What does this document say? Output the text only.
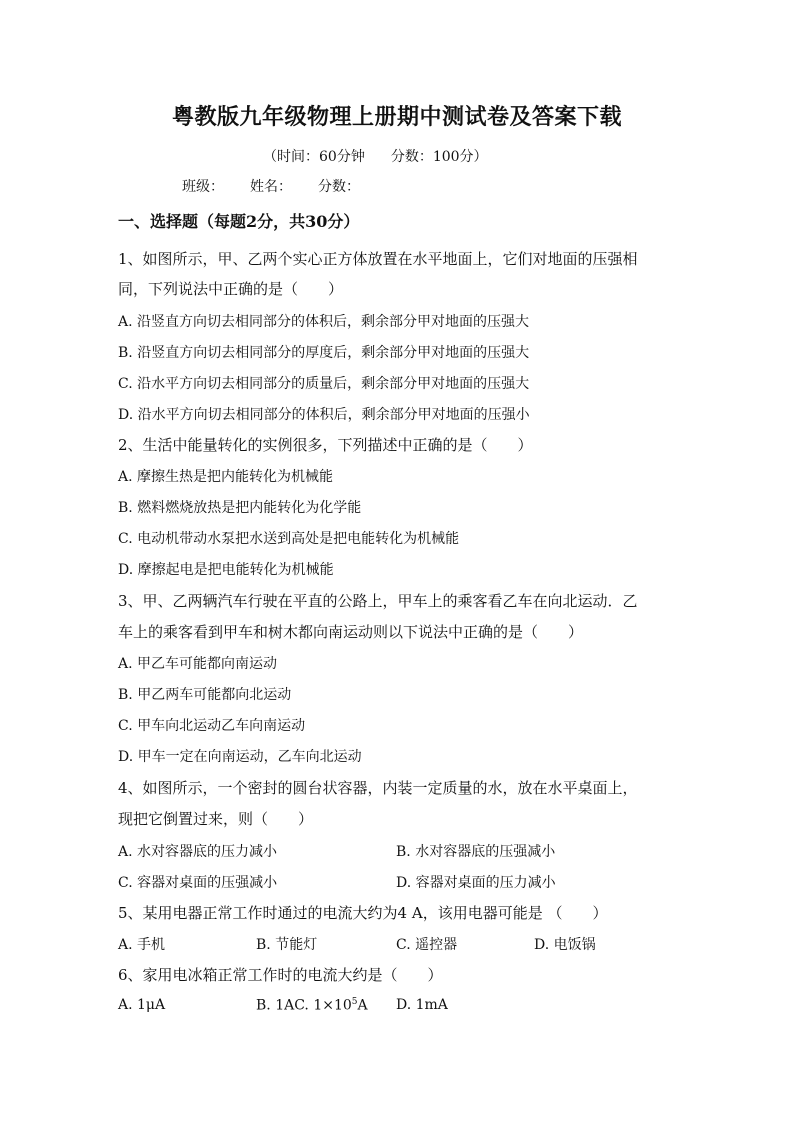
粤教版九年级物理上册期中测试卷及答案下载
（时间：60分钟 分数：100分）
班级： 姓名： 分数：
一、选择题（每题2分，共30分）
1、如图所示，甲、乙两个实心正方体放置在水平地面上，它们对地面的压强相
同，下列说法中正确的是（　　）
A. 沿竖直方向切去相同部分的体积后，剩余部分甲对地面的压强大
B. 沿竖直方向切去相同部分的厚度后，剩余部分甲对地面的压强大
C. 沿水平方向切去相同部分的质量后，剩余部分甲对地面的压强大
D. 沿水平方向切去相同部分的体积后，剩余部分甲对地面的压强小
2、生活中能量转化的实例很多，下列描述中正确的是（　　）
A. 摩擦生热是把内能转化为机械能
B. 燃料燃烧放热是把内能转化为化学能
C. 电动机带动水泵把水送到高处是把电能转化为机械能
D. 摩擦起电是把电能转化为机械能
3、甲、乙两辆汽车行驶在平直的公路上，甲车上的乘客看乙车在向北运动．乙
车上的乘客看到甲车和树木都向南运动则以下说法中正确的是（　　）
A. 甲乙车可能都向南运动
B. 甲乙两车可能都向北运动
C. 甲车向北运动乙车向南运动
D. 甲车一定在向南运动，乙车向北运动
4、如图所示，一个密封的圆台状容器，内装一定质量的水，放在水平桌面上，
现把它倒置过来，则（　　）
A. 水对容器底的压力减小	B. 水对容器底的压强减小
C. 容器对桌面的压强减小	D. 容器对桌面的压力减小
5、某用电器正常工作时通过的电流大约为4 A，该用电器可能是 （　　）
A. 手机	B. 节能灯	C. 遥控器	D. 电饭锅
6、家用电冰箱正常工作时的电流大约是（　　）
A. 1μA	B. 1AC. $1\times 10^5A$ D. 1mA
